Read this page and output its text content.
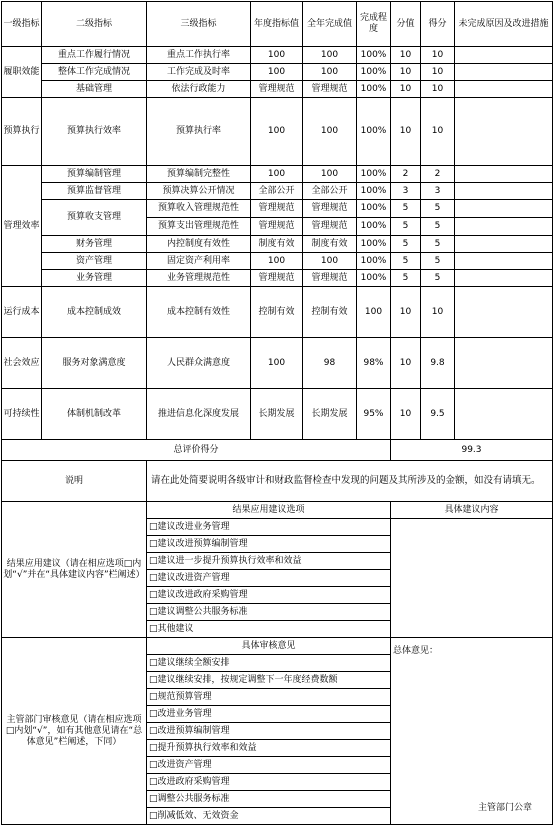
一级指标	二级指标	三级指标	年度指标值	全年完成值	完成程度	分值	得分	未完成原因及改进措施
履职效能	重点工作履行情况	重点工作执行率	100	100	100%	10	10	
	整体工作完成情况	工作完成及时率	100	100	100%	10	10	
	基础管理	依法行政能力	管理规范	管理规范	100%	10	10	
预算执行	预算执行效率	预算执行率	100	100	100%	10	10	
管理效率	预算编制管理	预算编制完整性	100	100	100%	2	2	
	预算监督管理	预算决算公开情况	全部公开	全部公开	100%	3	3	
	预算收支管理	预算收入管理规范性	管理规范	管理规范	100%	5	5	
		预算支出管理规范性	管理规范	管理规范	100%	5	5	
	财务管理	内控制度有效性	制度有效	制度有效	100%	5	5	
	资产管理	固定资产利用率	100	100	100%	5	5	
	业务管理	业务管理规范性	管理规范	管理规范	100%	5	5	
运行成本	成本控制成效	成本控制有效性	控制有效	控制有效	100	10	10	
社会效应	服务对象满意度	人民群众满意度	100	98	98%	10	9.8	
可持续性	体制机制改革	推进信息化深度发展	长期发展	长期发展	95%	10	9.5	
总评价得分						99.3		
说明		请在此处简要说明各级审计和财政监督检查中发现的问题及其所涉及的金额，如没有请填无。						
结果应用建议（请在相应选项□内划“√”并在“具体建议内容”栏阐述）		结果应用建议选项				具体建议内容		
		□建议改进业务管理						
		□建议改进预算编制管理						
		□建议进一步提升预算执行效率和效益						
		□建议改进资产管理						
		□建议改进政府采购管理						
		□建议调整公共服务标准						
		□其他建议						
主管部门审核意见（请在相应选项□内划“√”，如有其他意见请在“总体意见”栏阐述，下同）		具体审核意见				总体意见：
主管部门公章		

		□建议继续全额安排						
		□建议继续安排，按规定调整下一年度经费数额						
		□规范预算管理						
		□改进业务管理						
		□改进预算编制管理						
		□提升预算执行效率和效益						
		□改进资产管理						
		□改进政府采购管理						
		□调整公共服务标准						
		□削减低效、无效资金						
